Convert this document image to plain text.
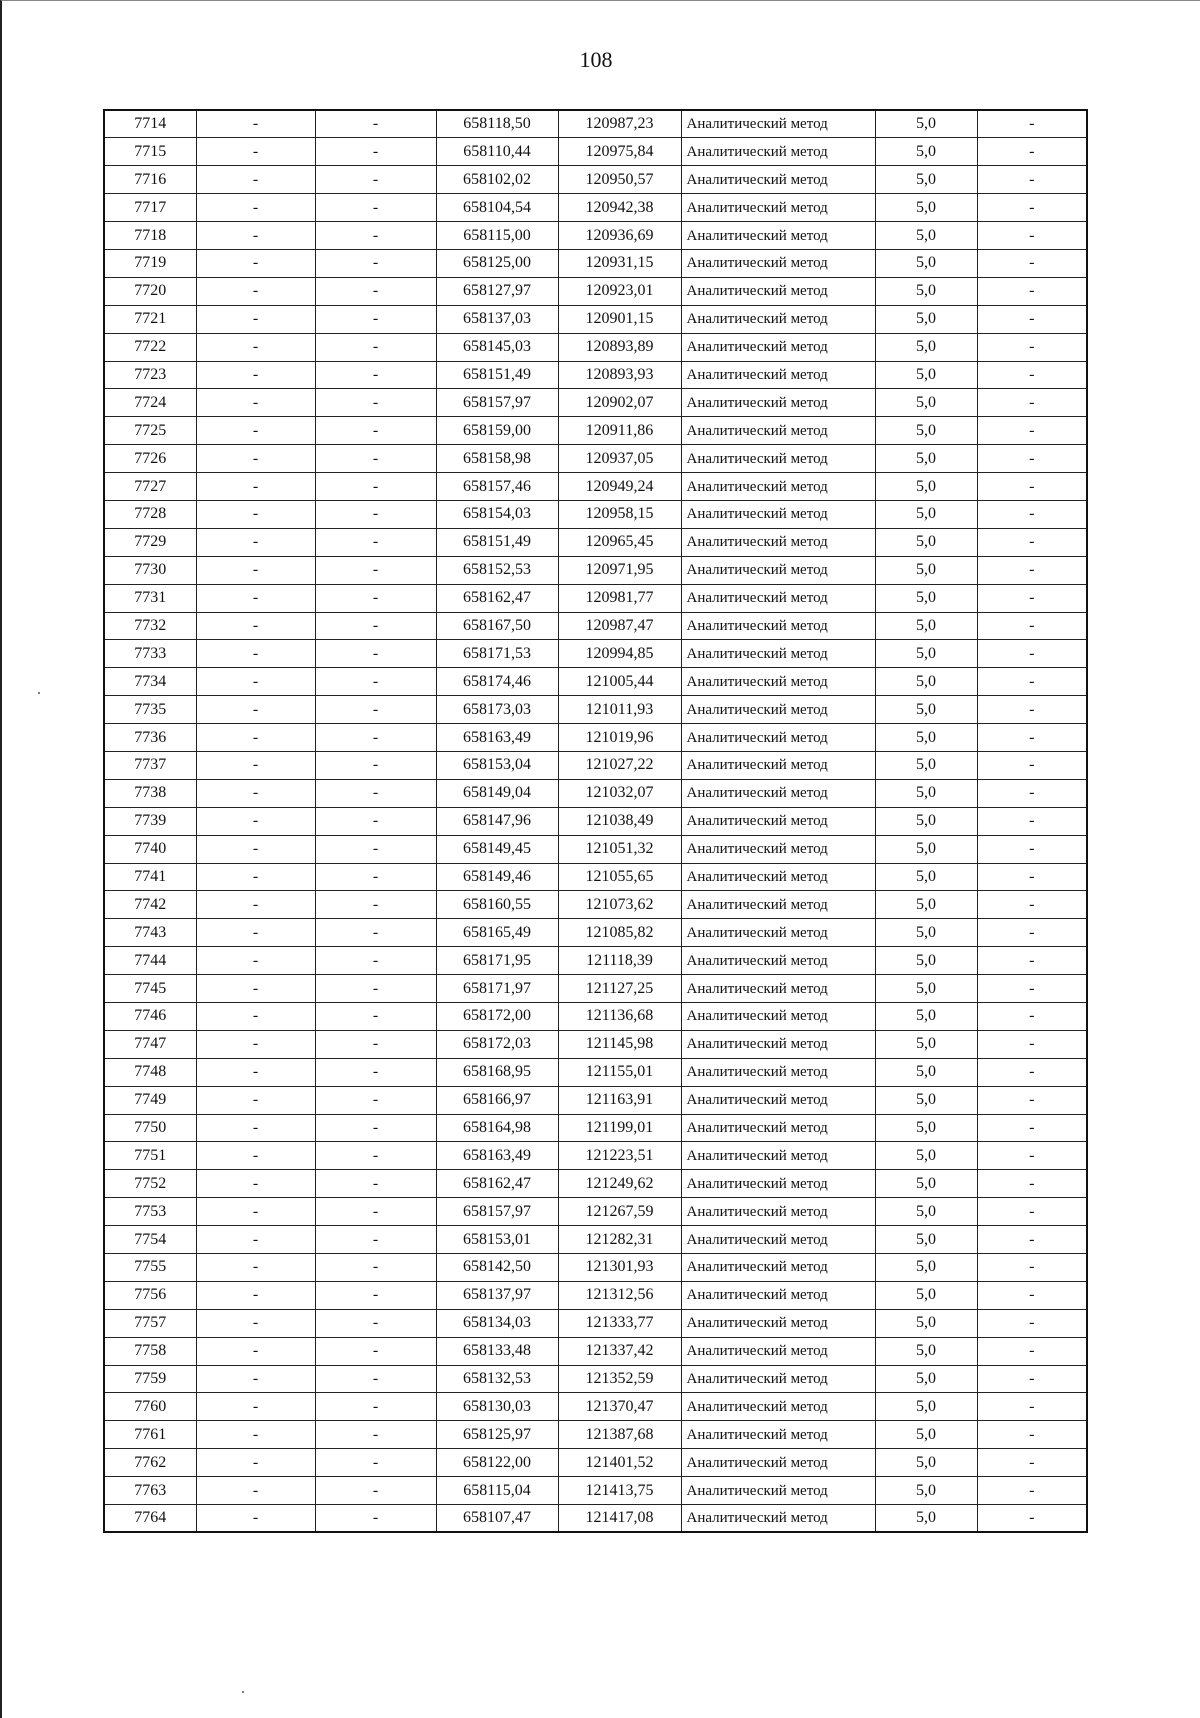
108
7714	-	-	658118,50	120987,23	Аналитический метод	5,0	-
7715	-	-	658110,44	120975,84	Аналитический метод	5,0	-
7716	-	-	658102,02	120950,57	Аналитический метод	5,0	-
7717	-	-	658104,54	120942,38	Аналитический метод	5,0	-
7718	-	-	658115,00	120936,69	Аналитический метод	5,0	-
7719	-	-	658125,00	120931,15	Аналитический метод	5,0	-
7720	-	-	658127,97	120923,01	Аналитический метод	5,0	-
7721	-	-	658137,03	120901,15	Аналитический метод	5,0	-
7722	-	-	658145,03	120893,89	Аналитический метод	5,0	-
7723	-	-	658151,49	120893,93	Аналитический метод	5,0	-
7724	-	-	658157,97	120902,07	Аналитический метод	5,0	-
7725	-	-	658159,00	120911,86	Аналитический метод	5,0	-
7726	-	-	658158,98	120937,05	Аналитический метод	5,0	-
7727	-	-	658157,46	120949,24	Аналитический метод	5,0	-
7728	-	-	658154,03	120958,15	Аналитический метод	5,0	-
7729	-	-	658151,49	120965,45	Аналитический метод	5,0	-
7730	-	-	658152,53	120971,95	Аналитический метод	5,0	-
7731	-	-	658162,47	120981,77	Аналитический метод	5,0	-
7732	-	-	658167,50	120987,47	Аналитический метод	5,0	-
7733	-	-	658171,53	120994,85	Аналитический метод	5,0	-
7734	-	-	658174,46	121005,44	Аналитический метод	5,0	-
7735	-	-	658173,03	121011,93	Аналитический метод	5,0	-
7736	-	-	658163,49	121019,96	Аналитический метод	5,0	-
7737	-	-	658153,04	121027,22	Аналитический метод	5,0	-
7738	-	-	658149,04	121032,07	Аналитический метод	5,0	-
7739	-	-	658147,96	121038,49	Аналитический метод	5,0	-
7740	-	-	658149,45	121051,32	Аналитический метод	5,0	-
7741	-	-	658149,46	121055,65	Аналитический метод	5,0	-
7742	-	-	658160,55	121073,62	Аналитический метод	5,0	-
7743	-	-	658165,49	121085,82	Аналитический метод	5,0	-
7744	-	-	658171,95	121118,39	Аналитический метод	5,0	-
7745	-	-	658171,97	121127,25	Аналитический метод	5,0	-
7746	-	-	658172,00	121136,68	Аналитический метод	5,0	-
7747	-	-	658172,03	121145,98	Аналитический метод	5,0	-
7748	-	-	658168,95	121155,01	Аналитический метод	5,0	-
7749	-	-	658166,97	121163,91	Аналитический метод	5,0	-
7750	-	-	658164,98	121199,01	Аналитический метод	5,0	-
7751	-	-	658163,49	121223,51	Аналитический метод	5,0	-
7752	-	-	658162,47	121249,62	Аналитический метод	5,0	-
7753	-	-	658157,97	121267,59	Аналитический метод	5,0	-
7754	-	-	658153,01	121282,31	Аналитический метод	5,0	-
7755	-	-	658142,50	121301,93	Аналитический метод	5,0	-
7756	-	-	658137,97	121312,56	Аналитический метод	5,0	-
7757	-	-	658134,03	121333,77	Аналитический метод	5,0	-
7758	-	-	658133,48	121337,42	Аналитический метод	5,0	-
7759	-	-	658132,53	121352,59	Аналитический метод	5,0	-
7760	-	-	658130,03	121370,47	Аналитический метод	5,0	-
7761	-	-	658125,97	121387,68	Аналитический метод	5,0	-
7762	-	-	658122,00	121401,52	Аналитический метод	5,0	-
7763	-	-	658115,04	121413,75	Аналитический метод	5,0	-
7764	-	-	658107,47	121417,08	Аналитический метод	5,0	-
